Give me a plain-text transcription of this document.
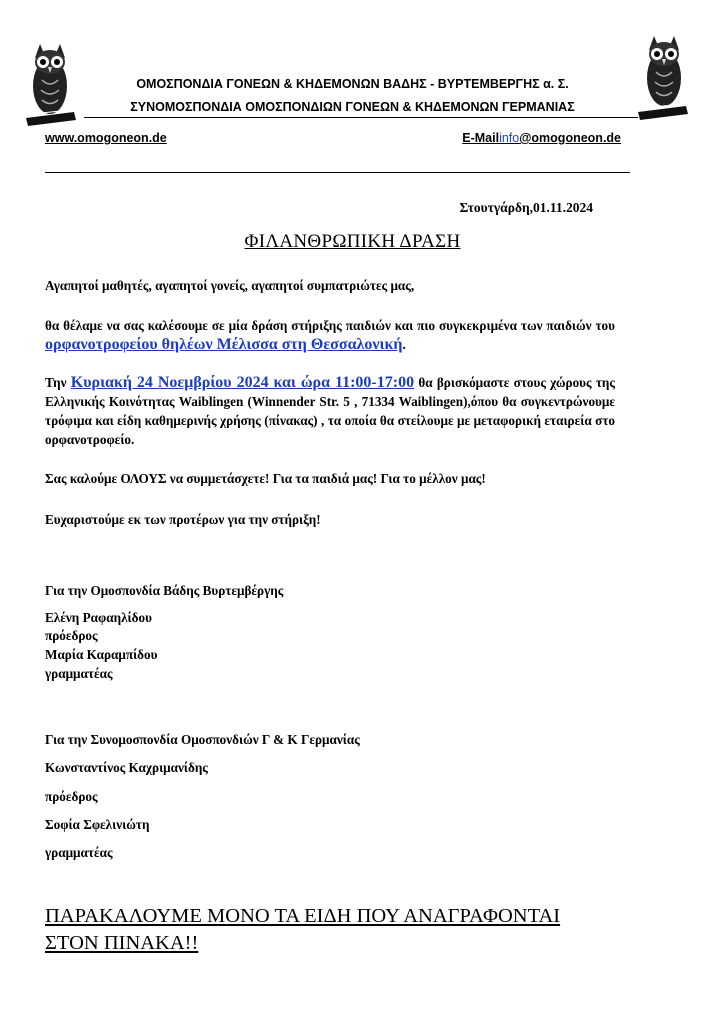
ΟΜΟΣΠΟΝΔΙΑ ΓΟΝΕΩΝ & ΚΗΔΕΜΟΝΩΝ ΒΑΔΗΣ - ΒΥΡΤΕΜΒΕΡΓΗΣ α. Σ.
ΣΥΝΟΜΟΣΠΟΝΔΙΑ ΟΜΟΣΠΟΝΔΙΩΝ ΓΟΝΕΩΝ & ΚΗΔΕΜΟΝΩΝ ΓΕΡΜΑΝΙΑΣ
www.omogoneon.de	E-Mailinfo@omogoneon.de
Στουτγάρδη,01.11.2024
ΦΙΛΑΝΘΡΩΠΙΚΗ ΔΡΑΣΗ
Αγαπητοί μαθητές, αγαπητοί γονείς, αγαπητοί συμπατριώτες μας,
θα θέλαμε να σας καλέσουμε σε μία δράση στήριξης παιδιών και πιο συγκεκριμένα των παιδιών του ορφανοτροφείου θηλέων Μέλισσα στη Θεσσαλονική.
Την Κυριακή 24 Νοεμβρίου 2024 και ώρα 11:00-17:00 θα βρισκόμαστε στους χώρους της Ελληνικής Κοινότητας Waiblingen (Winnender Str. 5 , 71334 Waiblingen),όπου θα συγκεντρώνουμε τρόφιμα και είδη καθημερινής χρήσης (πίνακας) , τα οποία θα στείλουμε με μεταφορική εταιρεία στο ορφανοτροφείο.
Σας καλούμε ΟΛΟΥΣ να συμμετάσχετε! Για τα παιδιά μας! Για το μέλλον μας!
Ευχαριστούμε εκ των προτέρων για την στήριξη!
Για την Ομοσπονδία Βάδης Βυρτεμβέργης
Ελένη Ραφαηλίδου
πρόεδρος
Μαρία Καραμπίδου
γραμματέας
Για την Συνομοσπονδία Ομοσπονδιών Γ & Κ Γερμανίας
Κωνσταντίνος Καχριμανίδης
πρόεδρος
Σοφία Σφελινιώτη
γραμματέας
ΠΑΡΑΚΑΛΟΥΜΕ ΜΟΝΟ ΤΑ ΕΙΔΗ ΠΟΥ ΑΝΑΓΡΑΦΟΝΤΑΙ
ΣΤΟΝ ΠΙΝΑΚΑ!!
